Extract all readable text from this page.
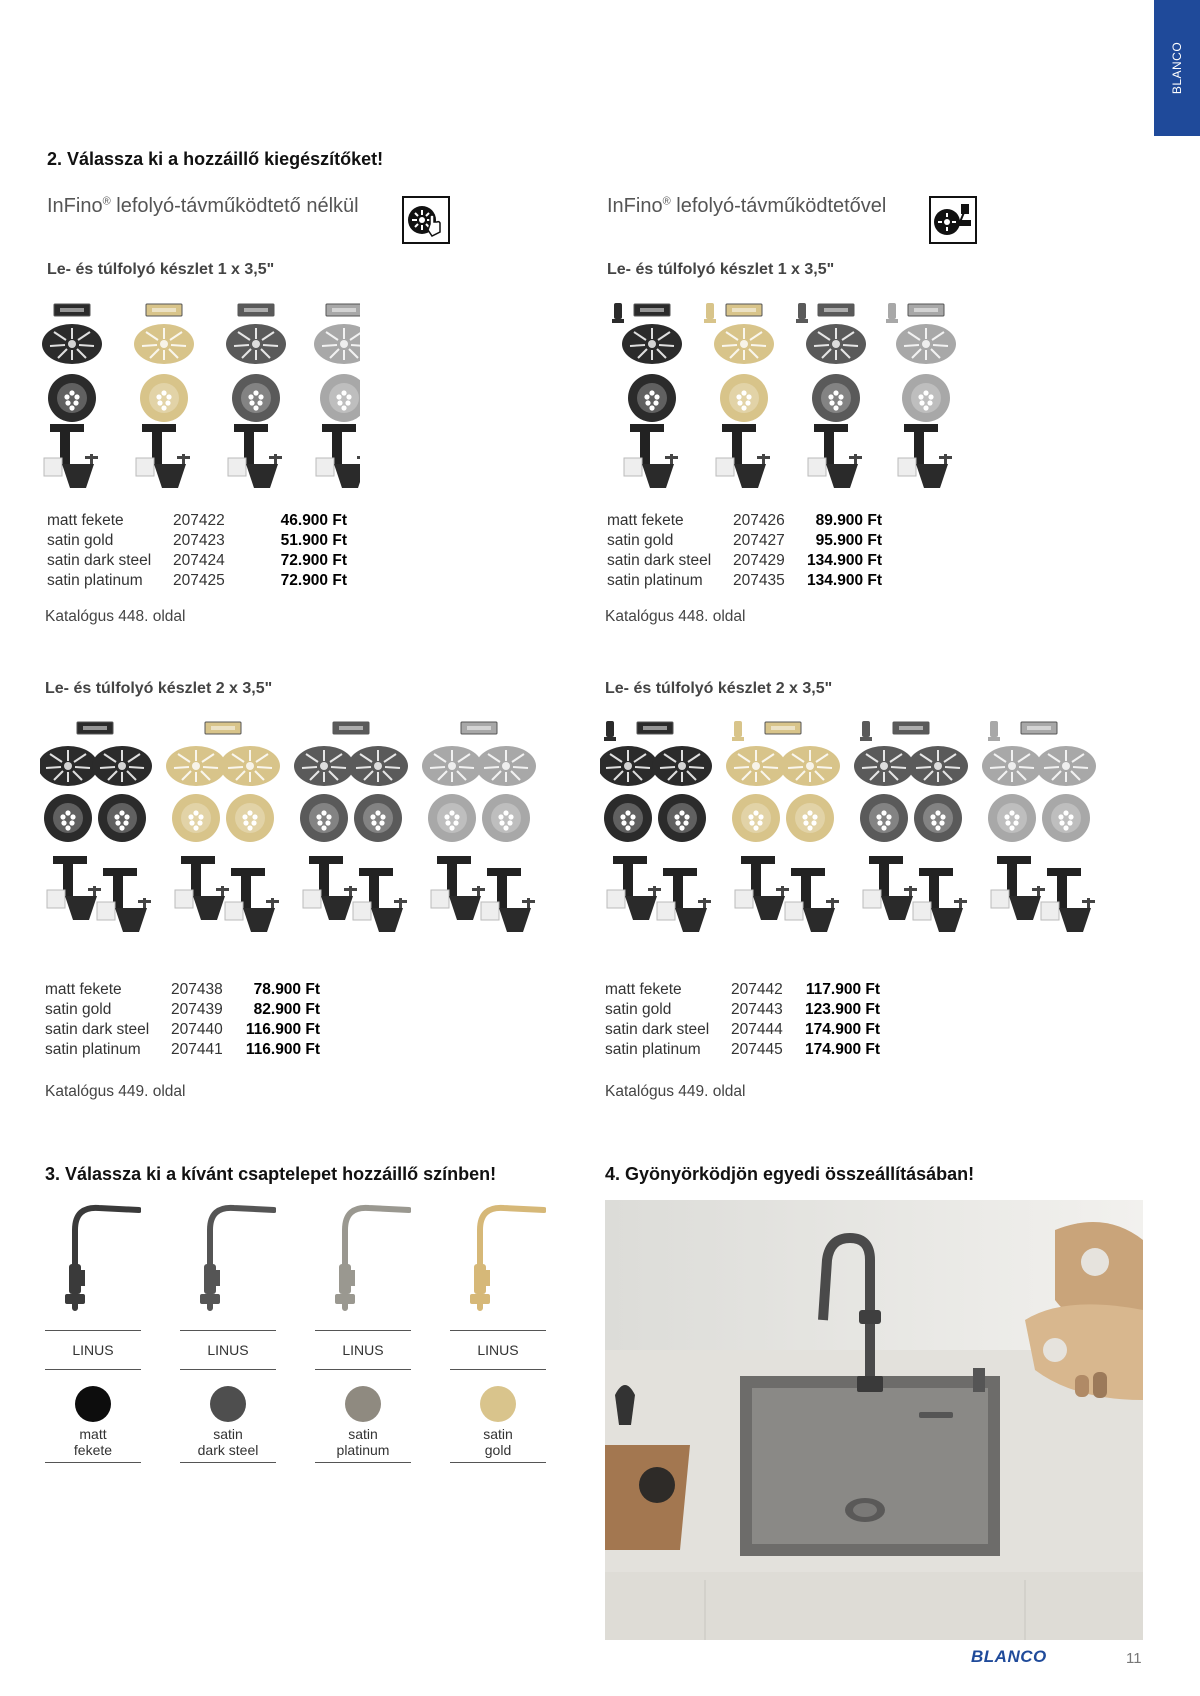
BLANCO
2. Válassza ki a hozzáillő kiegészítőket!
InFino® lefolyó-távműködtető nélkül	InFino® lefolyó-távműködtetővel
Le- és túlfolyó készlet 1 x 3,5"	Le- és túlfolyó készlet 1 x 3,5"
Le- és túlfolyó készlet 2 x 3,5"	Le- és túlfolyó készlet 2 x 3,5"
matt fekete	207422	46.900 Ft
satin gold	207423	51.900 Ft
satin dark steel 207424	72.900 Ft
satin platinum 207425	72.900 Ft
Katalógus 448. oldal
matt fekete	207426 89.900 Ft
satin gold	207427 95.900 Ft
satin dark steel 207429 134.900 Ft
satin platinum 207435 134.900 Ft
Katalógus 448. oldal
matt fekete	207438 78.900 Ft
satin gold	207439 82.900 Ft
satin dark steel 207440 116.900 Ft
satin platinum 207441 116.900 Ft
Katalógus 449. oldal
matt fekete	207442 117.900 Ft
satin gold	207443 123.900 Ft
satin dark steel 207444 174.900 Ft
satin platinum 207445 174.900 Ft
Katalógus 449. oldal
3. Válassza ki a kívánt csaptelepet hozzáillő színben!
LINUS
matt
fekete
LINUS
satin
dark steel
LINUS
satin
platinum
LINUS
satin
gold
4. Gyönyörködjön egyedi összeállításában!
BLANCO	11
